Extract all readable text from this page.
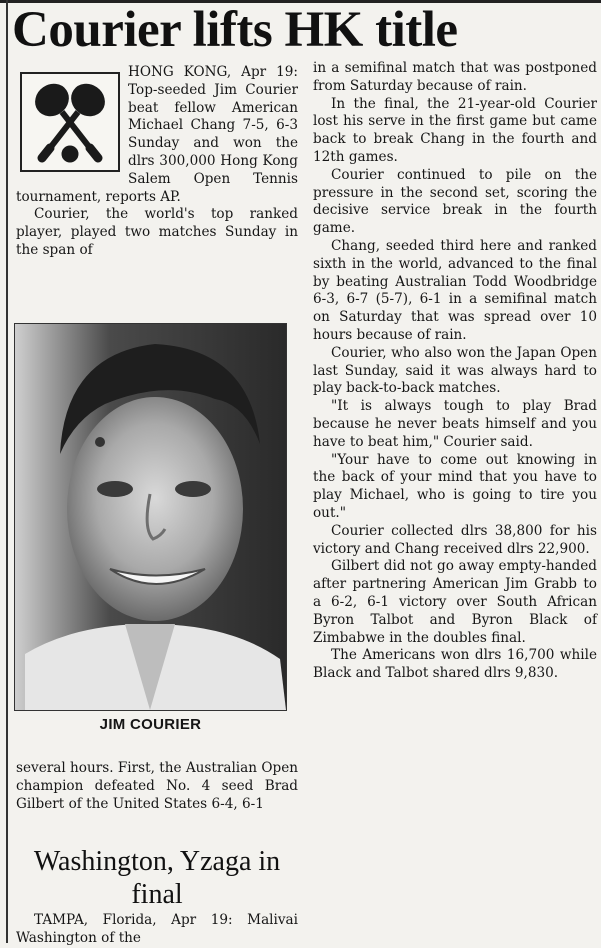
Courier lifts HK title

HONG KONG, Apr 19: Top-seeded Jim Courier beat fellow American Michael Chang 7-5, 6-3 Sunday and won the dlrs 300,000 Hong Kong Salem Open Tennis tournament, reports AP.

Courier, the world's top ranked player, played two matches Sunday in the span of

JIM COURIER

several hours. First, the Australian Open champion defeated No. 4 seed Brad Gilbert of the United States 6-4, 6-1

Washington, Yzaga in final

TAMPA, Florida, Apr 19: Malivai Washington of the

in a semifinal match that was postponed from Saturday because of rain.

In the final, the 21-year-old Courier lost his serve in the first game but came back to break Chang in the fourth and 12th games.

Courier continued to pile on the pressure in the second set, scoring the decisive service break in the fourth game.

Chang, seeded third here and ranked sixth in the world, advanced to the final by beating Australian Todd Woodbridge 6-3, 6-7 (5-7), 6-1 in a semifinal match on Saturday that was spread over 10 hours because of rain.

Courier, who also won the Japan Open last Sunday, said it was always hard to play back-to-back matches.

"It is always tough to play Brad because he never beats himself and you have to beat him," Courier said.

"Your have to come out knowing in the back of your mind that you have to play Michael, who is going to tire you out."

Courier collected dlrs 38,800 for his victory and Chang received dlrs 22,900.

Gilbert did not go away empty-handed after partnering American Jim Grabb to a 6-2, 6-1 victory over South African Byron Talbot and Byron Black of Zimbabwe in the doubles final.

The Americans won dlrs 16,700 while Black and Talbot shared dlrs 9,830.
